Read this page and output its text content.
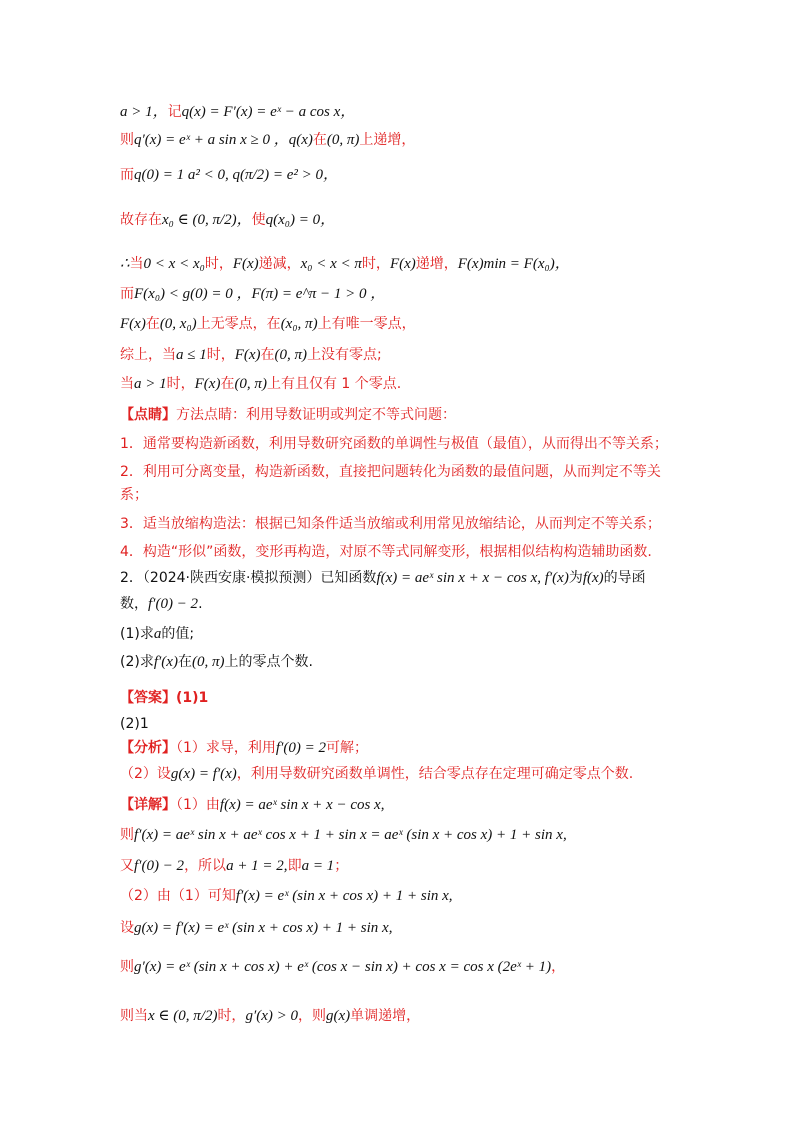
a > 1，记q(x) = F′(x) = eˣ − a cos x，
则q′(x) = eˣ + a sin x ≥ 0 ，q(x)在(0, π)上递增，
而q(0) = 1 a² < 0, q(π/2) = e² > 0，
故存在x₀ ∈ (0, π/2)，使q(x₀) = 0，
∴当0 < x < x₀时，F(x)递减，x₀ < x < π时，F(x)递增，F(x)min = F(x₀)，
而F(x₀) < g(0) = 0 ，F(π) = e^π − 1 > 0 ，
F(x)在(0, x₀)上无零点，在(x₀, π)上有唯一零点，
综上，当a ≤ 1时，F(x)在(0, π)上没有零点;
当a > 1时，F(x)在(0, π)上有且仅有 1 个零点.
【点睛】方法点睛：利用导数证明或判定不等式问题：
1．通常要构造新函数，利用导数研究函数的单调性与极值（最值），从而得出不等关系；
2．利用可分离变量，构造新函数，直接把问题转化为函数的最值问题，从而判定不等关
系；
3．适当放缩构造法：根据已知条件适当放缩或利用常见放缩结论，从而判定不等关系；
4．构造“形似”函数，变形再构造，对原不等式同解变形，根据相似结构构造辅助函数.
2．（2024·陕西安康·模拟预测）已知函数f(x) = aeˣ sin x + x − cos x, f′(x)为f(x)的导函
数，f′(0) − 2.
(1)求a的值;
(2)求f′(x)在(0, π)上的零点个数.
【答案】(1)1
(2)1
【分析】（1）求导，利用f′(0) = 2可解；
（2）设g(x) = f′(x)，利用导数研究函数单调性，结合零点存在定理可确定零点个数.
【详解】（1）由f(x) = aeˣ sin x + x − cos x,
则f′(x) = aeˣ sin x + aeˣ cos x + 1 + sin x = aeˣ (sin x + cos x) + 1 + sin x,
又f′(0) − 2，所以a + 1 = 2,即a = 1；
（2）由（1）可知f′(x) = eˣ (sin x + cos x) + 1 + sin x,
设g(x) = f′(x) = eˣ (sin x + cos x) + 1 + sin x,
则g′(x) = eˣ (sin x + cos x) + eˣ (cos x − sin x) + cos x = cos x (2eˣ + 1)，
则当x ∈ (0, π/2)时，g′(x) > 0，则g(x)单调递增，
